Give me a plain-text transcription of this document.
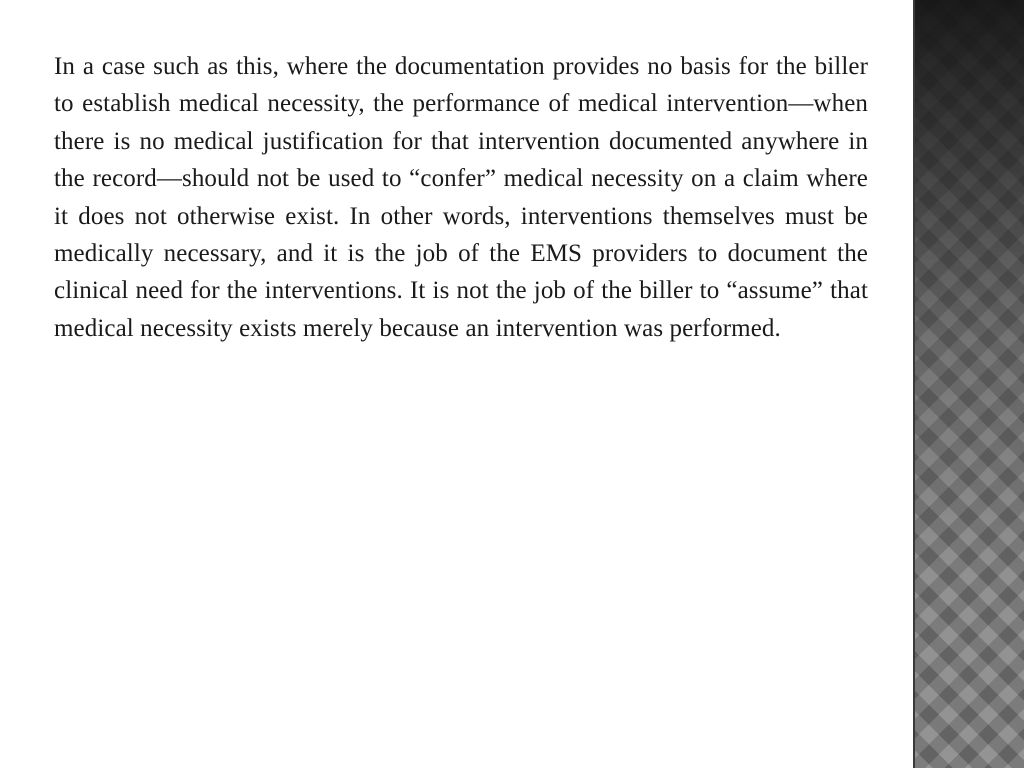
In a case such as this, where the documentation provides no basis for the biller to establish medical necessity, the performance of medical intervention—when there is no medical justification for that intervention documented anywhere in the record—should not be used to “confer” medical necessity on a claim where it does not otherwise exist. In other words, interventions themselves must be medically necessary, and it is the job of the EMS providers to document the clinical need for the interventions. It is not the job of the biller to “assume” that medical necessity exists merely because an intervention was performed.
